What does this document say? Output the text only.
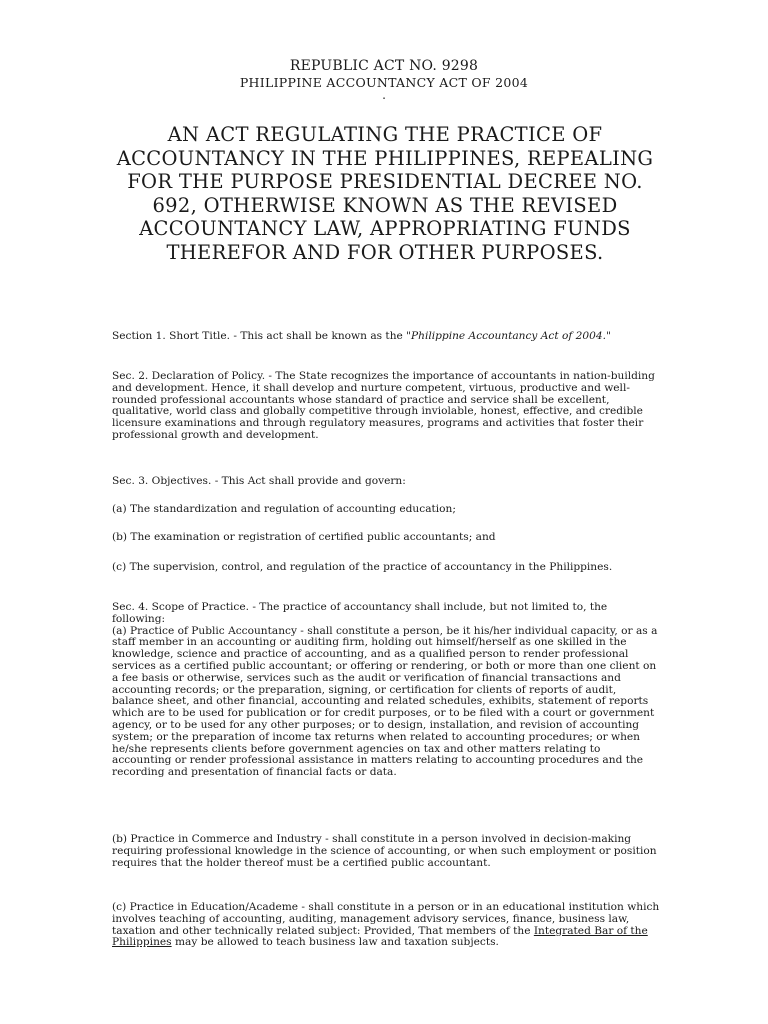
REPUBLIC ACT NO. 9298
PHILIPPINE ACCOUNTANCY ACT OF 2004
.
AN ACT REGULATING THE PRACTICE OF ACCOUNTANCY IN THE PHILIPPINES, REPEALING FOR THE PURPOSE PRESIDENTIAL DECREE NO. 692, OTHERWISE KNOWN AS THE REVISED ACCOUNTANCY LAW, APPROPRIATING FUNDS THEREFOR AND FOR OTHER PURPOSES.

Section 1. Short Title. - This act shall be known as the "Philippine Accountancy Act of 2004."

Sec. 2. Declaration of Policy. - The State recognizes the importance of accountants in nation-building and development. Hence, it shall develop and nurture competent, virtuous, productive and well-rounded professional accountants whose standard of practice and service shall be excellent, qualitative, world class and globally competitive through inviolable, honest, effective, and credible licensure examinations and through regulatory measures, programs and activities that foster their professional growth and development.

Sec. 3. Objectives. - This Act shall provide and govern:

(a) The standardization and regulation of accounting education;

(b) The examination or registration of certified public accountants; and

(c) The supervision, control, and regulation of the practice of accountancy in the Philippines.

Sec. 4. Scope of Practice. - The practice of accountancy shall include, but not limited to, the following:

(a) Practice of Public Accountancy - shall constitute a person, be it his/her individual capacity, or as a staff member in an accounting or auditing firm, holding out himself/herself as one skilled in the knowledge, science and practice of accounting, and as a qualified person to render professional services as a certified public accountant; or offering or rendering, or both or more than one client on a fee basis or otherwise, services such as the audit or verification of financial transactions and accounting records; or the preparation, signing, or certification for clients of reports of audit, balance sheet, and other financial, accounting and related schedules, exhibits, statement of reports which are to be used for publication or for credit purposes, or to be filed with a court or government agency, or to be used for any other purposes; or to design, installation, and revision of accounting system; or the preparation of income tax returns when related to accounting procedures; or when he/she represents clients before government agencies on tax and other matters relating to accounting or render professional assistance in matters relating to accounting procedures and the recording and presentation of financial facts or data.

(b) Practice in Commerce and Industry - shall constitute in a person involved in decision-making requiring professional knowledge in the science of accounting, or when such employment or position requires that the holder thereof must be a certified public accountant.

(c) Practice in Education/Academe - shall constitute in a person or in an educational institution which involves teaching of accounting, auditing, management advisory services, finance, business law, taxation and other technically related subject: Provided, That members of the Integrated Bar of the Philippines may be allowed to teach business law and taxation subjects.
